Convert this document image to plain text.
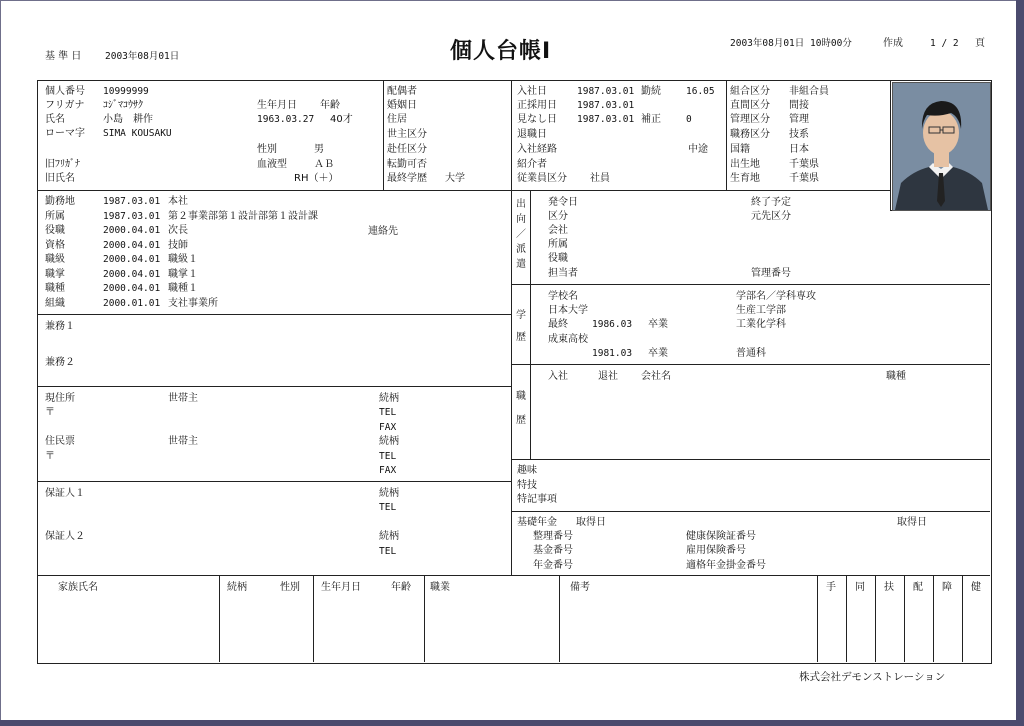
基 準 日 2003年08月01日	個人台帳Ⅰ	2003年08月01日 10時00分	作成	1 / 2 頁
個人番号 10999999
フリガナ ｺｼﾞﾏｺｳｻｸ
氏名	小島　耕作
ローマ字 SIMA KOUSAKU
旧ﾌﾘｶﾞﾅ
旧氏名
生年月日 年齢
1963.03.27 40才
性別	男
血液型	ＡＢ
RH（＋）
配偶者
婚姻日
住居
世主区分
赴任区分
転勤可否
最終学歴 大学
入社日	1987.03.01 勤続	16.05
正採用日 1987.03.01
見なし日 1987.03.01 補正	0
退職日
入社経路	中途
紹介者
従業員区分 社員
組合区分 非組合員
直間区分 間接
管理区分 管理
職務区分 技系
国籍	日本
出生地	千葉県
生育地	千葉県
勤務地	1987.03.01 本社
所属	1987.03.01 第２事業部第１設計部第１設計課
役職	2000.04.01 次長
資格	2000.04.01 技師
職級	2000.04.01 職級１
職掌	2000.04.01 職掌１
職種	2000.04.01 職種１
組織	2000.01.01 支社事業所
連絡先
兼務１
兼務２
出
向
／
派
遣
発令日	終了予定
区分	元先区分
会社
所属
役職
担当者	管理番号
学
歴
学校名	学部名／学科専攻
日本大学	生産工学部
最終	1986.03 卒業	工業化学科
成東高校
1981.03 卒業	普通科
職
歴
入社	退社 会社名	職種
現住所	世帯主	続柄
〒	TEL
FAX
住民票	世帯主	続柄
〒	TEL
FAX
保証人１	続柄
TEL
保証人２	続柄
TEL
趣味
特技
特記事項
基礎年金 取得日	取得日
整理番号	健康保険証番号
基金番号	雇用保険番号
年金番号	適格年金掛金番号
家族氏名	続柄	性別 生年月日	年齢 職業	備考	手 同 扶 配 障 健
株式会社デモンストレーション
